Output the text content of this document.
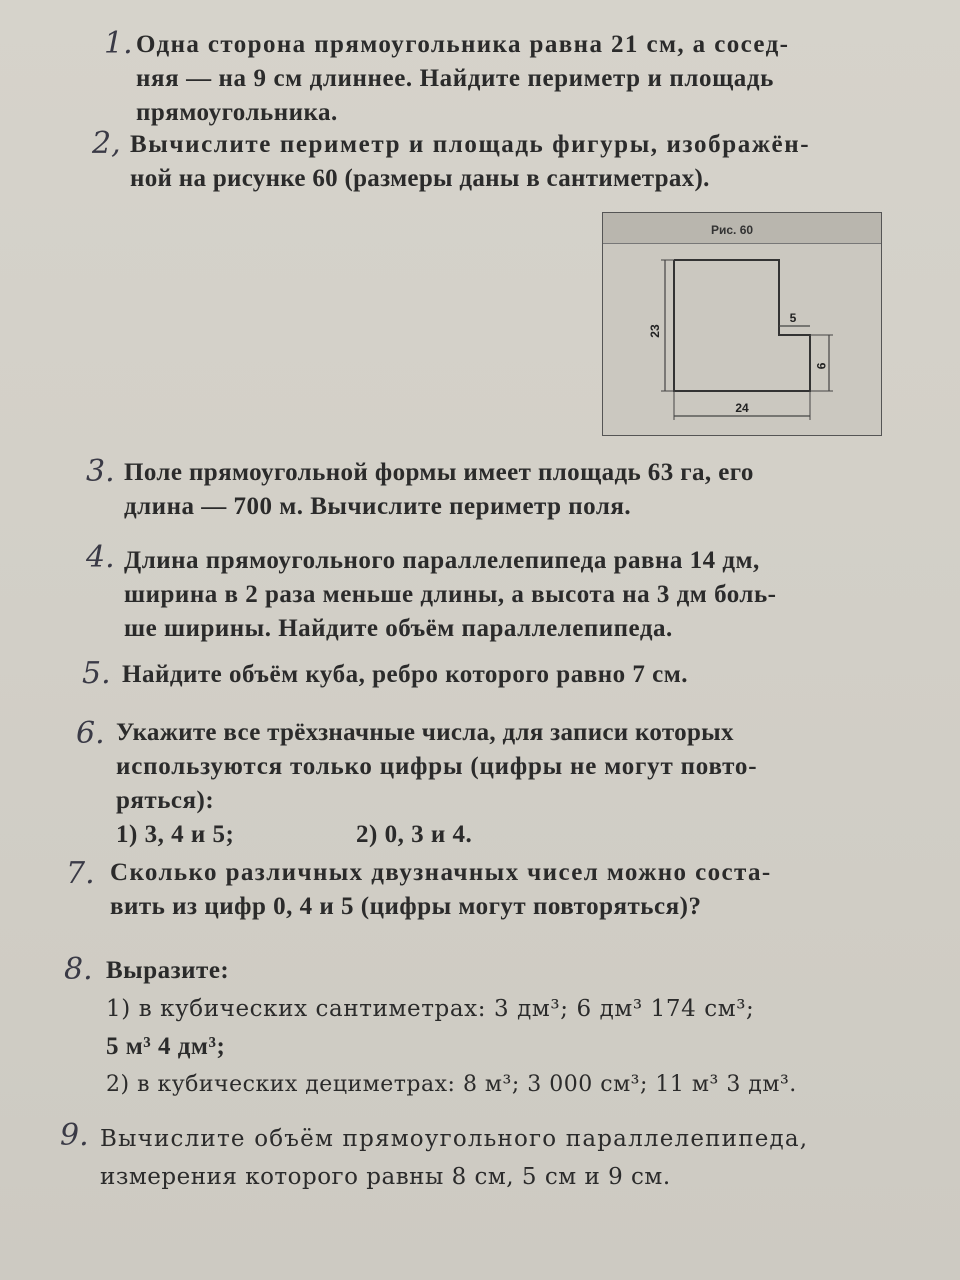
1. Одна сторона прямоугольника равна 21 см, а сосед-
няя — на 9 см длиннее. Найдите периметр и площадь
прямоугольника.
2, Вычислите периметр и площадь фигуры, изображён-
ной на рисунке 60 (размеры даны в сантиметрах).
Рис. 60
23
5
9
24
3. Поле прямоугольной формы имеет площадь 63 га, его
длина — 700 м. Вычислите периметр поля.
4. Длина прямоугольного параллелепипеда равна 14 дм,
ширина в 2 раза меньше длины, а высота на 3 дм боль-
ше ширины. Найдите объём параллелепипеда.
5. Найдите объём куба, ребро которого равно 7 см.
6. Укажите все трёхзначные числа, для записи которых
используются только цифры (цифры не могут повто-
ряться):
1) 3, 4 и 5;	2) 0, 3 и 4.
7. Сколько различных двузначных чисел можно соста-
вить из цифр 0, 4 и 5 (цифры могут повторяться)?
8. Выразите:
1) в кубических сантиметрах: 3 дм³; 6 дм³ 174 см³;
5 м³ 4 дм³;
2) в кубических дециметрах: 8 м³; 3 000 см³; 11 м³ 3 дм³.
9. Вычислите объём прямоугольного параллелепипеда,
измерения которого равны 8 см, 5 см и 9 см.
